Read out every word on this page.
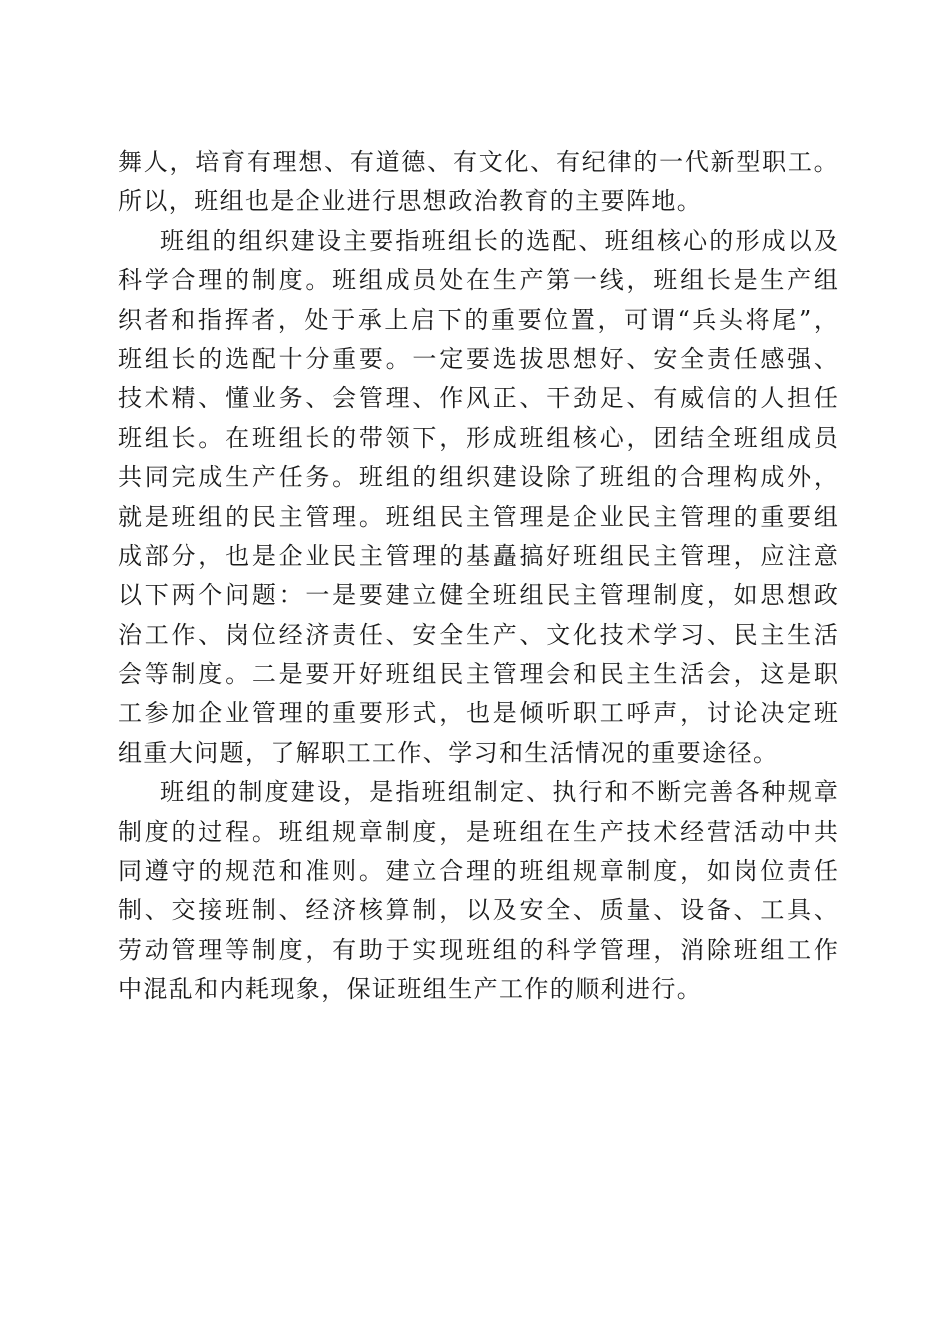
舞 人 ， 培 育 有 理 想 、 有 道 德 、 有 文 化 、 有 纪 律 的 一 代 新 型 职 工 。
所以，班组也是企业进行思想政治教育的主要阵地。
班 组 的 组 织 建 设 主 要 指 班 组 长 的 选 配 、 班 组 核 心 的 形 成 以 及
科 学 合 理 的 制 度 。 班 组 成 员 处 在 生 产 第 一 线 ， 班 组 长 是 生 产 组
织 者 和 指 挥 者 ， 处 于 承 上 启 下 的 重 要 位 置 ， 可 谓 “ 兵 头 将 尾 ” ，
班 组 长 的 选 配 十 分 重 要 。 一 定 要 选 拔 思 想 好 、 安 全 责 任 感 强 、
技 术 精 、 懂 业 务 、 会 管 理 、 作 风 正 、 干 劲 足 、 有 威 信 的 人 担 任
班 组 长 。 在 班 组 长 的 带 领 下 ， 形 成 班 组 核 心 ， 团 结 全 班 组 成 员
共 同 完 成 生 产 任 务 。 班 组 的 组 织 建 设 除 了 班 组 的 合 理 构 成 外 ，
就 是 班 组 的 民 主 管 理 。 班 组 民 主 管 理 是 企 业 民 主 管 理 的 重 要 组
成 部 分 ， 也 是 企 业 民 主 管 理 的 基 矗 搞 好 班 组 民 主 管 理 ， 应 注 意
以 下 两 个 问 题 ： 一 是 要 建 立 健 全 班 组 民 主 管 理 制 度 ， 如 思 想 政
治 工 作 、 岗 位 经 济 责 任 、 安 全 生 产 、 文 化 技 术 学 习 、 民 主 生 活
会 等 制 度 。 二 是 要 开 好 班 组 民 主 管 理 会 和 民 主 生 活 会 ， 这 是 职
工 参 加 企 业 管 理 的 重 要 形 式 ， 也 是 倾 听 职 工 呼 声 ， 讨 论 决 定 班
组重大问题，了解职工工作、学习和生活情况的重要途径。
班 组 的 制 度 建 设 ， 是 指 班 组 制 定 、 执 行 和 不 断 完 善 各 种 规 章
制 度 的 过 程 。 班 组 规 章 制 度 ， 是 班 组 在 生 产 技 术 经 营 活 动 中 共
同 遵 守 的 规 范 和 准 则 。 建 立 合 理 的 班 组 规 章 制 度 ， 如 岗 位 责 任
制 、 交 接 班 制 、 经 济 核 算 制 ， 以 及 安 全 、 质 量 、 设 备 、 工 具 、
劳 动 管 理 等 制 度 ， 有 助 于 实 现 班 组 的 科 学 管 理 ， 消 除 班 组 工 作
中混乱和内耗现象，保证班组生产工作的顺利进行。
